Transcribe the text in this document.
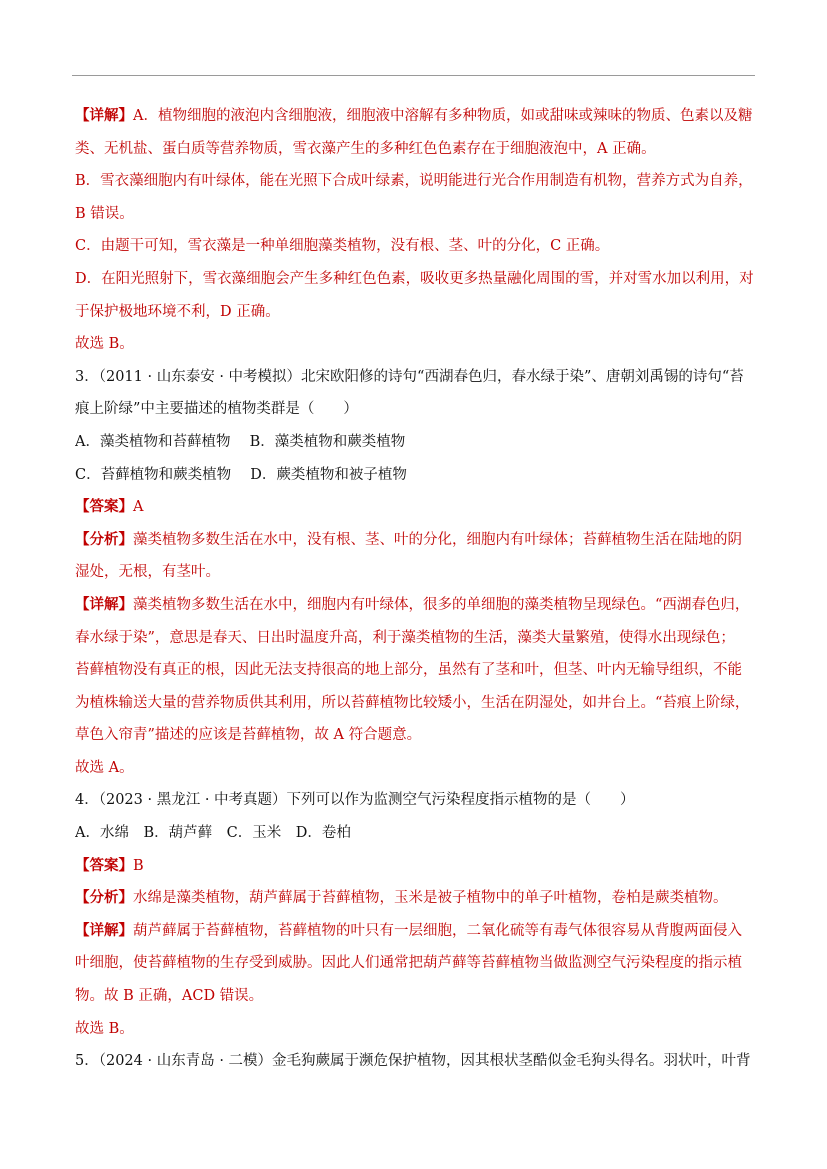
【详解】A．植物细胞的液泡内含细胞液，细胞液中溶解有多种物质，如或甜味或辣味的物质、色素以及糖
类、无机盐、蛋白质等营养物质，雪衣藻产生的多种红色色素存在于细胞液泡中，A 正确。
B．雪衣藻细胞内有叶绿体，能在光照下合成叶绿素，说明能进行光合作用制造有机物，营养方式为自养，
B 错误。
C．由题干可知，雪衣藻是一种单细胞藻类植物，没有根、茎、叶的分化，C 正确。
D．在阳光照射下，雪衣藻细胞会产生多种红色色素，吸收更多热量融化周围的雪，并对雪水加以利用，对
于保护极地环境不利，D 正确。
故选 B。
3．（2011 · 山东泰安 · 中考模拟）北宋欧阳修的诗句“西湖春色归，春水绿于染”、唐朝刘禹锡的诗句“苔
痕上阶绿”中主要描述的植物类群是（　　）
A．藻类植物和苔藓植物　 B．藻类植物和蕨类植物
C．苔藓植物和蕨类植物　 D．蕨类植物和被子植物
【答案】A
【分析】藻类植物多数生活在水中，没有根、茎、叶的分化，细胞内有叶绿体；苔藓植物生活在陆地的阴
湿处，无根，有茎叶。
【详解】藻类植物多数生活在水中，细胞内有叶绿体，很多的单细胞的藻类植物呈现绿色。“西湖春色归，
春水绿于染”，意思是春天、日出时温度升高，利于藻类植物的生活，藻类大量繁殖，使得水出现绿色；
苔藓植物没有真正的根，因此无法支持很高的地上部分，虽然有了茎和叶，但茎、叶内无输导组织，不能
为植株输送大量的营养物质供其利用，所以苔藓植物比较矮小，生活在阴湿处，如井台上。“苔痕上阶绿，
草色入帘青”描述的应该是苔藓植物，故 A 符合题意。
故选 A。
4．（2023 · 黑龙江 · 中考真题）下列可以作为监测空气污染程度指示植物的是（　　）
A．水绵　B．葫芦藓　C．玉米　D．卷柏
【答案】B
【分析】水绵是藻类植物，葫芦藓属于苔藓植物，玉米是被子植物中的单子叶植物，卷柏是蕨类植物。
【详解】葫芦藓属于苔藓植物，苔藓植物的叶只有一层细胞，二氧化硫等有毒气体很容易从背腹两面侵入
叶细胞，使苔藓植物的生存受到威胁。因此人们通常把葫芦藓等苔藓植物当做监测空气污染程度的指示植
物。故 B 正确，ACD 错误。
故选 B。
5．（2024 · 山东青岛 · 二模）金毛狗蕨属于濒危保护植物，因其根状茎酷似金毛狗头得名。羽状叶，叶背
